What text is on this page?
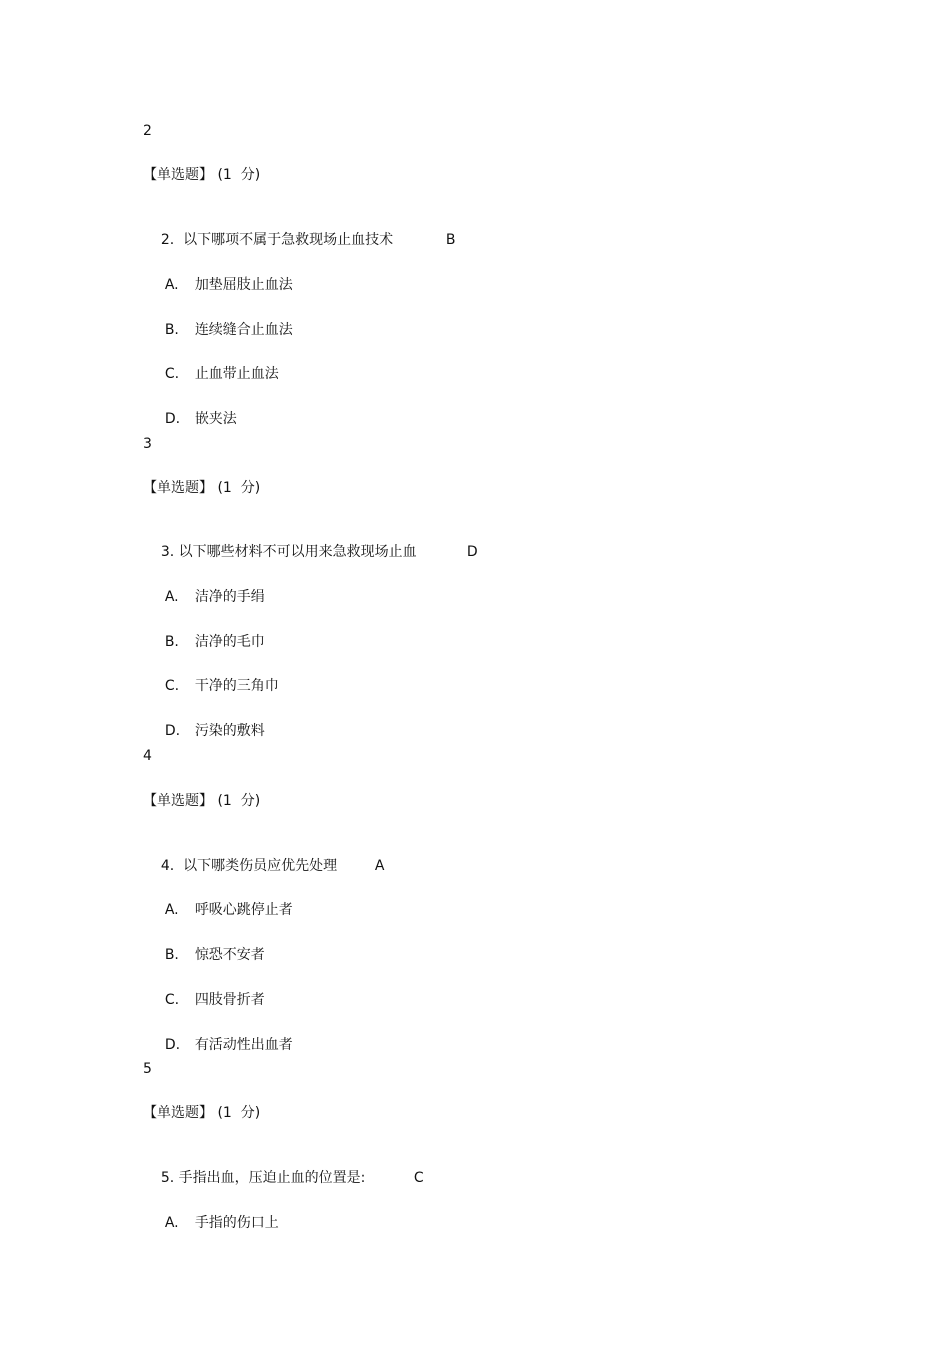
2
【单选题】 (1  分)

2.  以下哪项不属于急救现场止血技术	B

A. 加垫屈肢止血法

B. 连续缝合止血法

C. 止血带止血法

D. 嵌夹法

3
【单选题】 (1  分)

3. 以下哪些材料不可以用来急救现场止血	D

A. 洁净的手绢

B. 洁净的毛巾

C. 干净的三角巾

D. 污染的敷料

4
【单选题】 (1  分)

4.  以下哪类伤员应优先处理	A

A. 呼吸心跳停止者

B. 惊恐不安者

C. 四肢骨折者

D. 有活动性出血者

5
【单选题】 (1  分)

5. 手指出血，压迫止血的位置是:	C

A. 手指的伤口上
